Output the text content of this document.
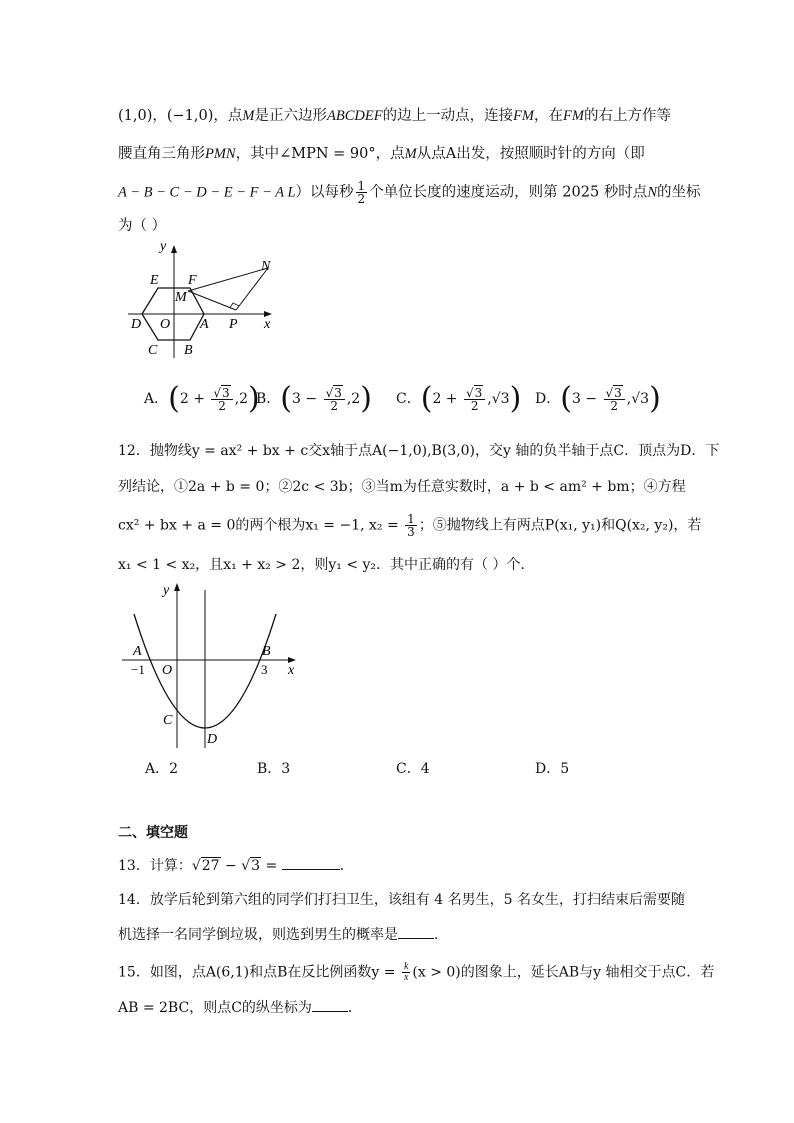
(1,0)，(−1,0)，点M是正六边形ABCDEF的边上一动点，连接FM，在FM的右上方作等
腰直角三角形PMN，其中∠MPN = 90°，点M从点A出发，按照顺时针的方向（即
A − B − C − D − E − F − A L）以每秒 $\frac{1}{2}$ 个单位长度的速度运动，则第 2025 秒时点N的坐标
为（ ）
y
x
E F
N
M
D O A P
C B
A．$(2 + \frac{√3}{2} ,2)$
B．$(3 - \frac{√3}{2} ,2)$ C．$(2 + \frac{√3}{2} ,√3)$ D．$(3 - \frac{√3}{2} ,√3)$
12．抛物线y = ax² + bx + c交x轴于点A(−1,0),B(3,0)，交y 轴的负半轴于点C．顶点为D．下
列结论，①2a + b = 0；②2c < 3b；③当m为任意实数时，a + b < am² + bm；④方程
cx² + bx + a = 0的两个根为x₁ = −1, $x_2 = \frac{1}{3}$ ；⑤抛物线上有两点P(x₁, y₁)和Q(x₂, y₂)，若
x₁ < 1 < x₂，且x₁ + x₂ > 2，则y₁ < y₂．其中正确的有（ ）个．
y
x
A	B
O
−1	3
C
D
A．2	B．3	C．4	D．5
二、填空题
13．计算：√27 − √3 =	．
14．放学后轮到第六组的同学们打扫卫生，该组有 4 名男生，5 名女生，打扫结束后需要随
机选择一名同学倒垃圾，则选到男生的概率是	．
15．如图，点A(6,1)和点B在反比例函数$y = \frac{k}{x} (x > 0)$的图象上，延长AB与y 轴相交于点C．若
AB = 2BC，则点C的纵坐标为	．
